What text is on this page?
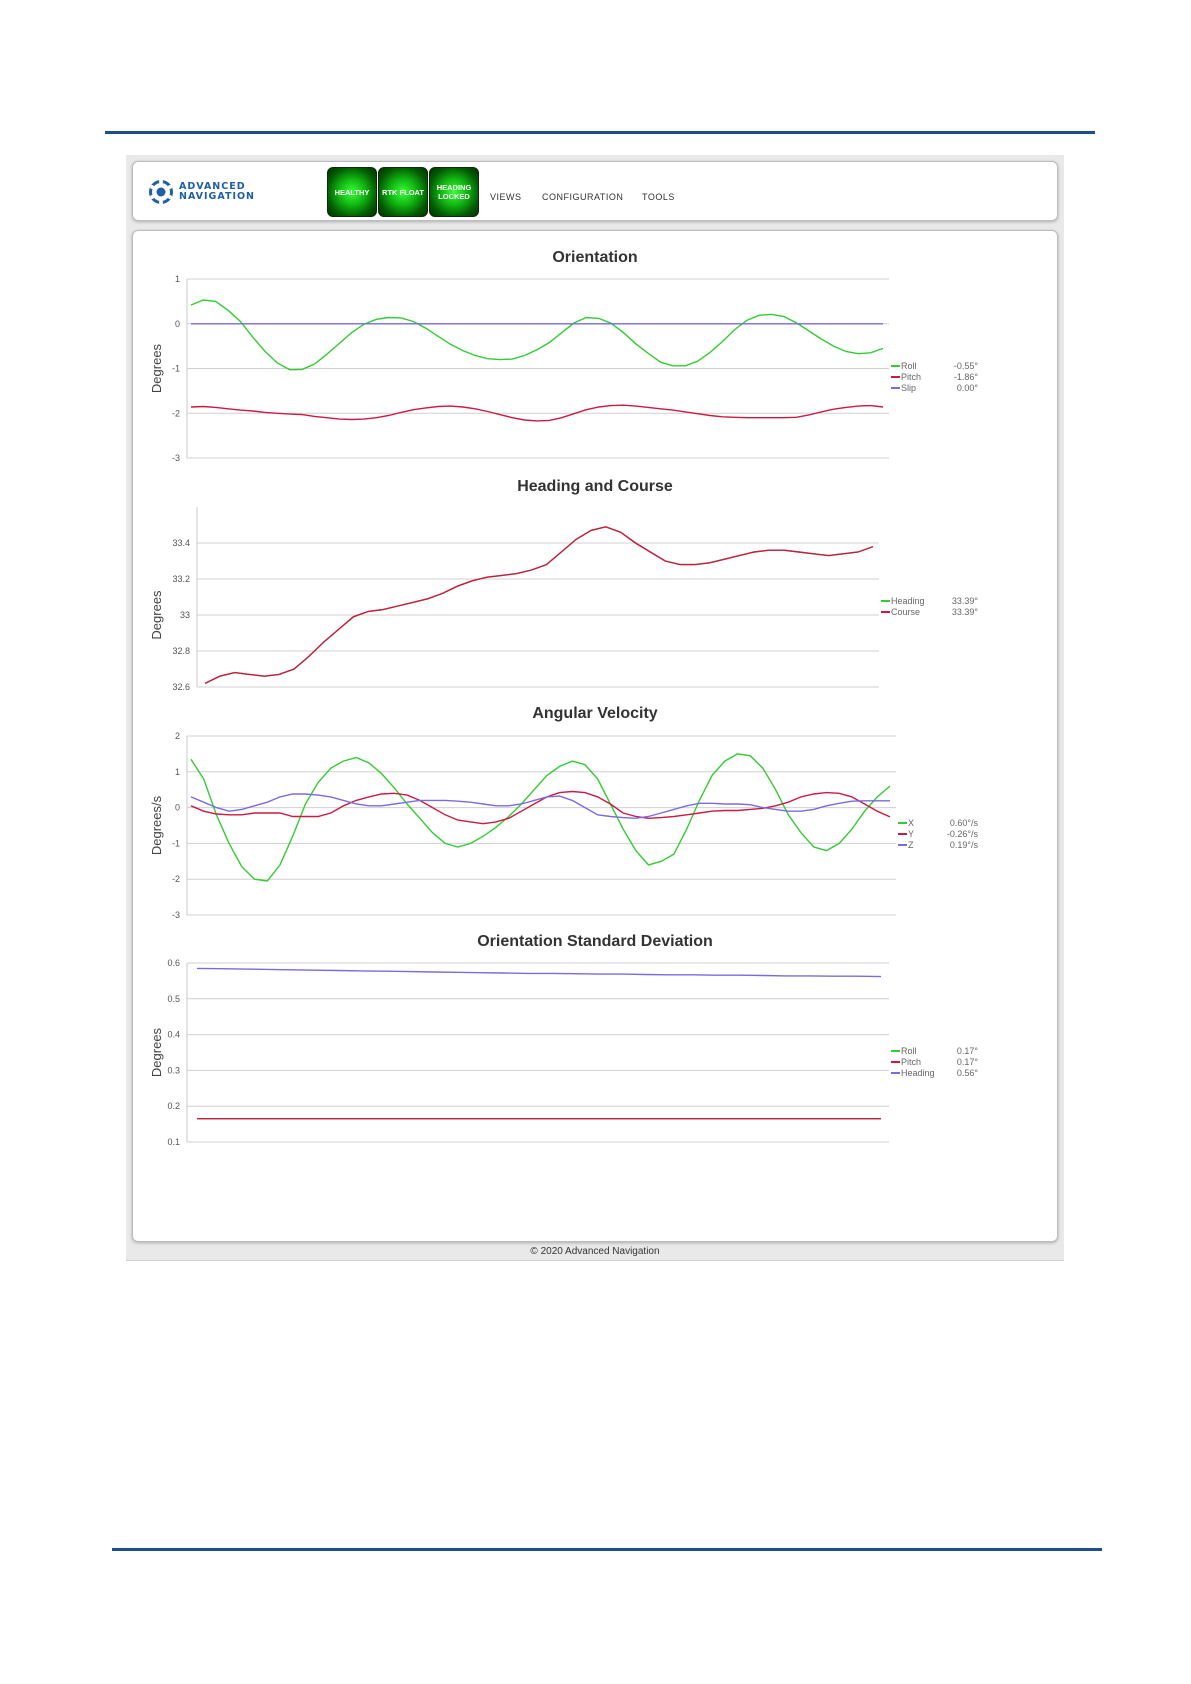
ADVANCED
NAVIGATION	HEALTHY RTK FLOAT HEADING
LOCKED VIEWS CONFIGURATION TOOLS
Orientation
1
0
-1
-2
-3
Degrees	Roll	-0.55°
Pitch	-1.86°
Slip	0.00°
Heading and Course
33.4
33.2
33
32.8
32.6
Degrees	Heading	33.39°
Course	33.39°
Angular Velocity
2
1
0
-1
-2
-3
Degrees/s	X	0.60°/s
Y	-0.26°/s
Z	0.19°/s
Orientation Standard Deviation
0.6
0.5
0.4
0.3
0.2
0.1
Degrees	Roll	0.17°
Pitch	0.17°
Heading 0.56°
© 2020 Advanced Navigation
